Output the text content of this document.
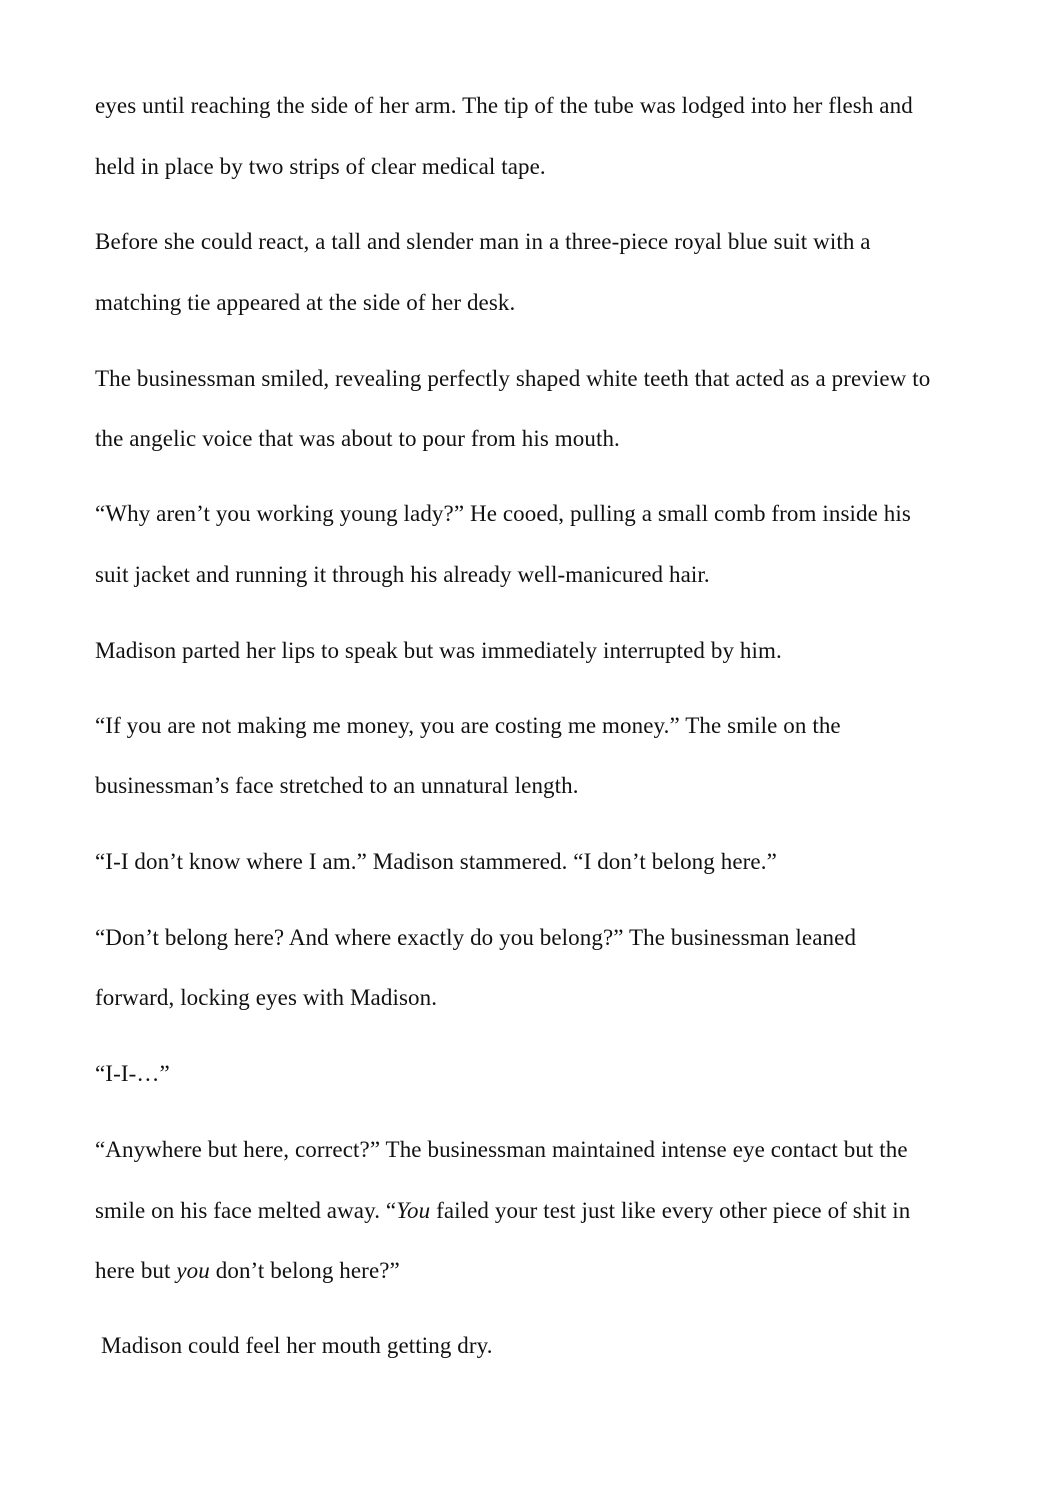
eyes until reaching the side of her arm. The tip of the tube was lodged into her flesh and
held in place by two strips of clear medical tape.
Before she could react, a tall and slender man in a three-piece royal blue suit with a
matching tie appeared at the side of her desk.
The businessman smiled, revealing perfectly shaped white teeth that acted as a preview to
the angelic voice that was about to pour from his mouth.
“Why aren’t you working young lady?” He cooed, pulling a small comb from inside his
suit jacket and running it through his already well-manicured hair.
Madison parted her lips to speak but was immediately interrupted by him.
“If you are not making me money, you are costing me money.” The smile on the
businessman’s face stretched to an unnatural length.
“I-I don’t know where I am.” Madison stammered. “I don’t belong here.”
“Don’t belong here? And where exactly do you belong?” The businessman leaned
forward, locking eyes with Madison.
“I-I-…”
“Anywhere but here, correct?” The businessman maintained intense eye contact but the
smile on his face melted away. “You failed your test just like every other piece of shit in
here but you don’t belong here?”
Madison could feel her mouth getting dry.
